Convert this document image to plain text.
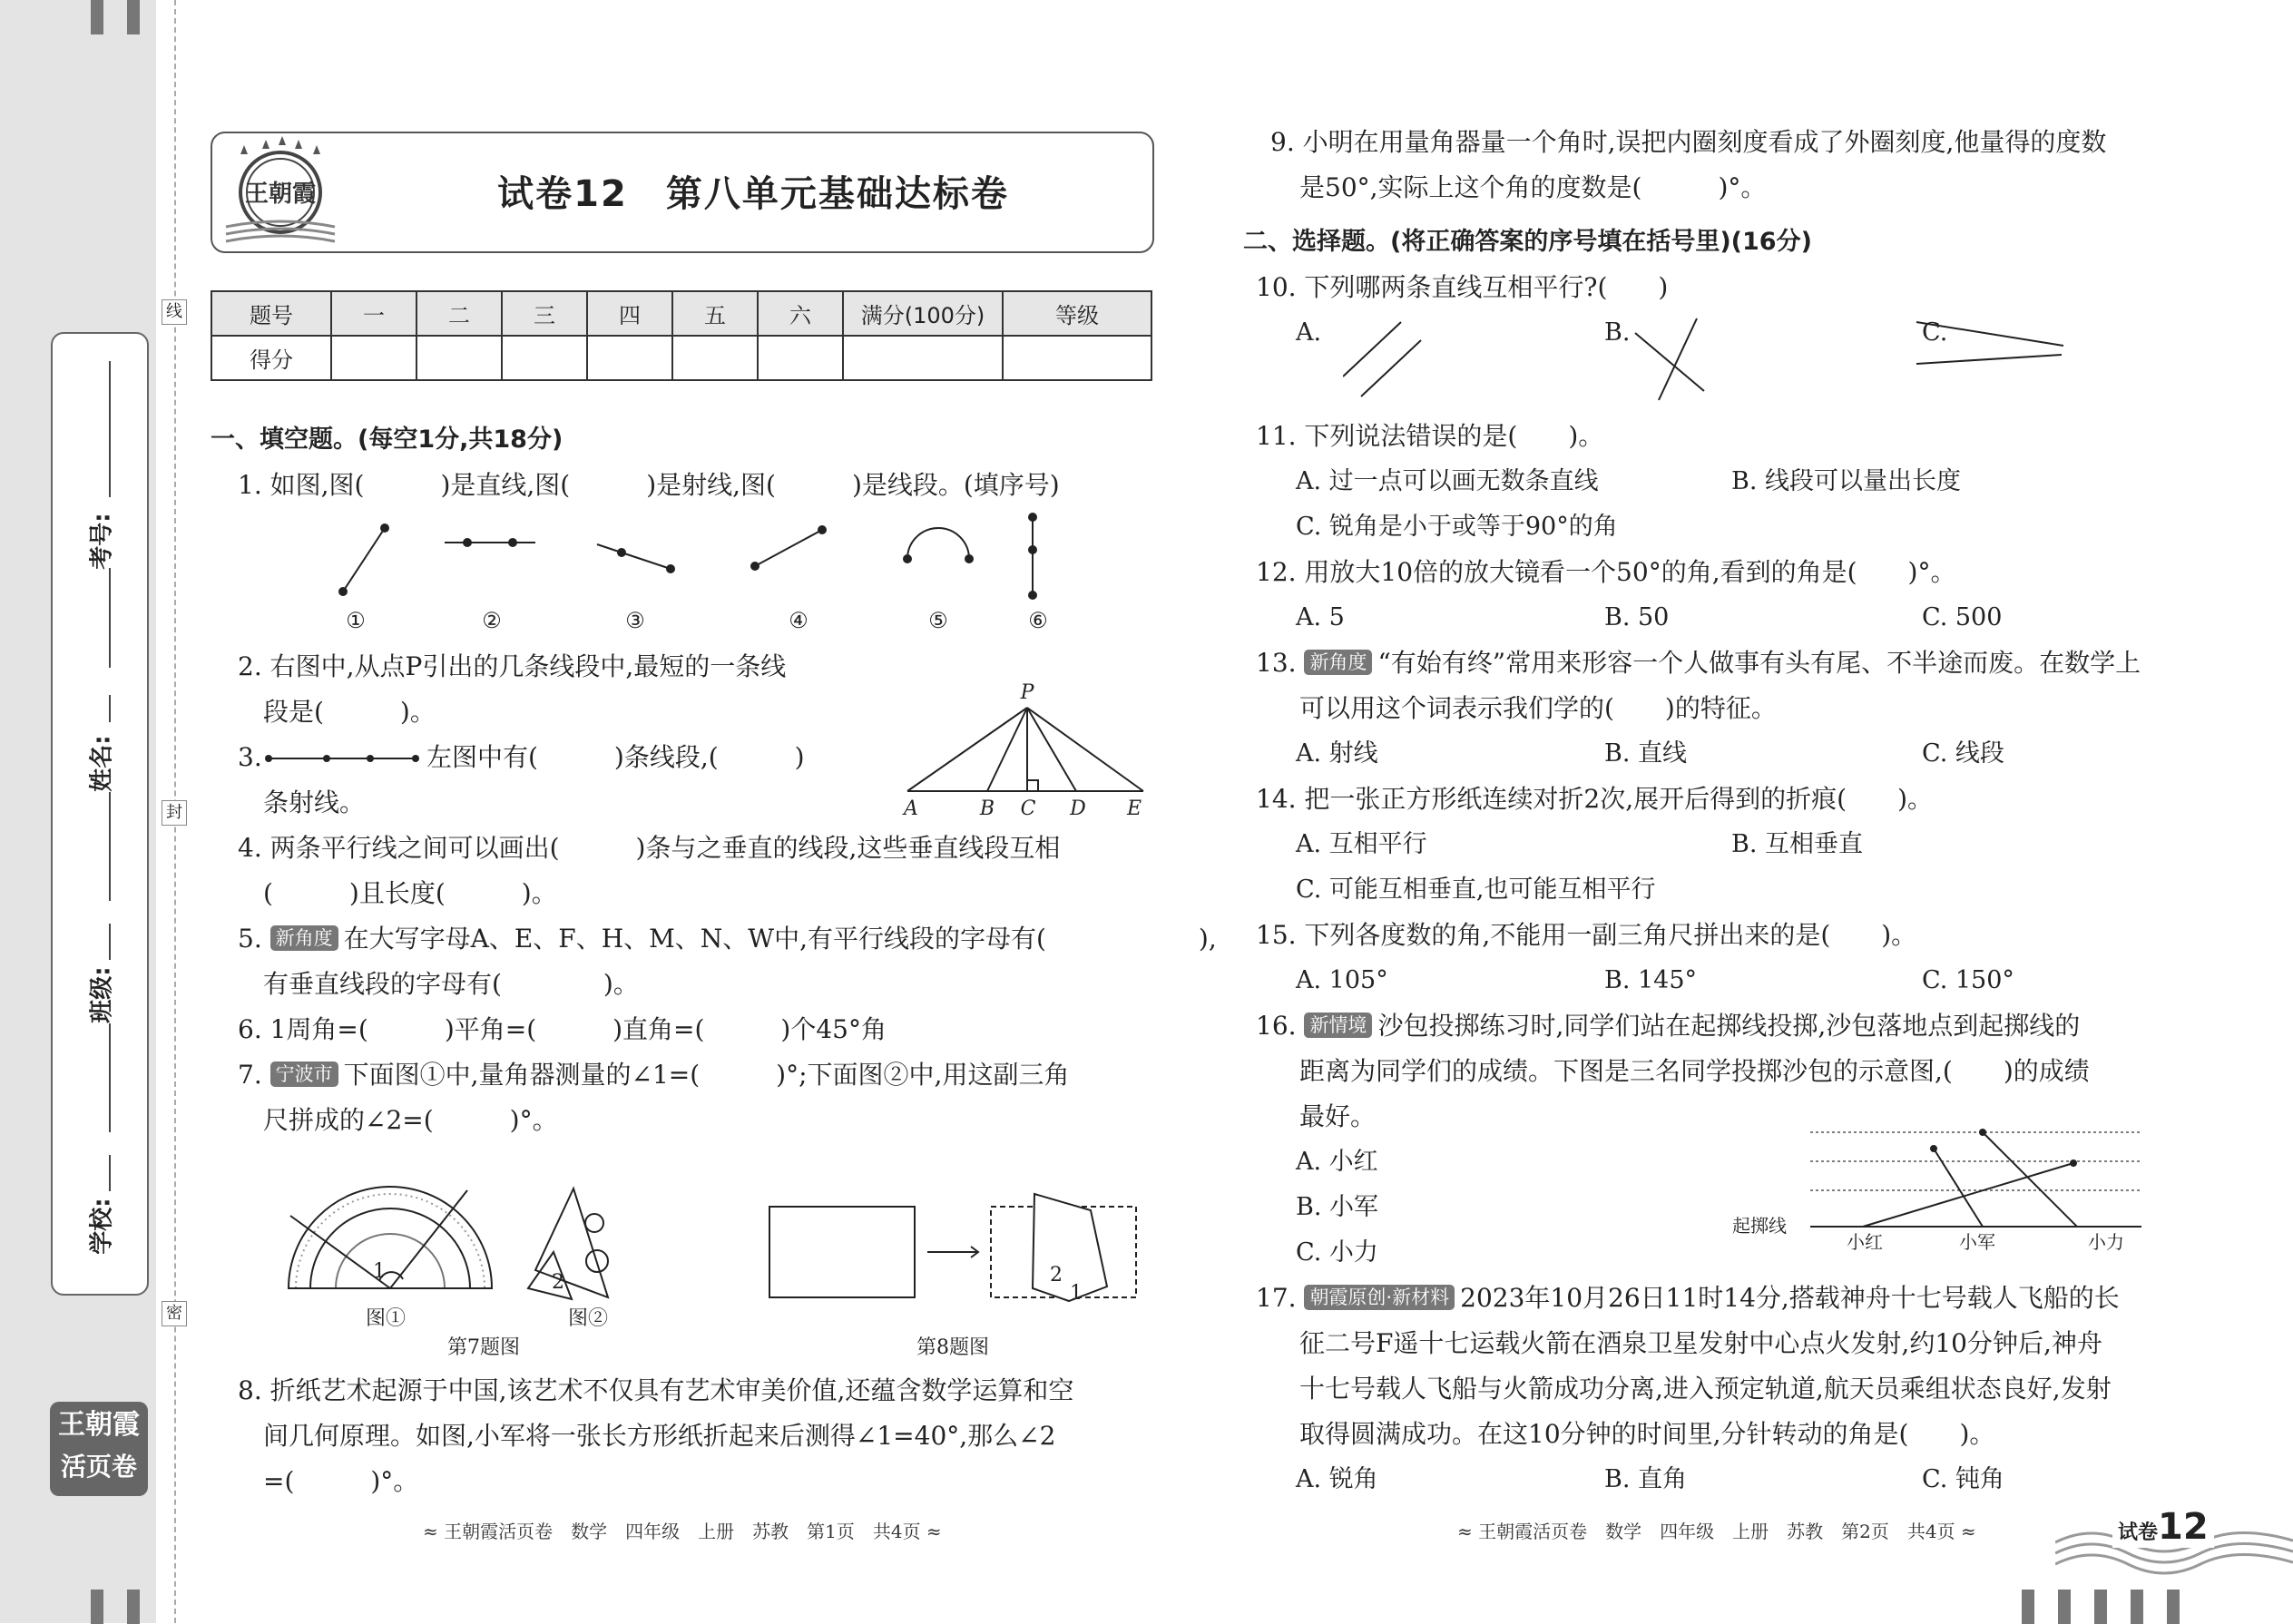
线
封
密
考号:
姓名:
班级:
学校:
王朝霞
活页卷
王朝霞	试卷12　第八单元基础达标卷
题号	一	二	三	四	五	六	满分(100分)	等级
得分								
一、填空题。(每空1分,共18分)
1. 如图,图(　　　)是直线,图(　　　)是射线,图(　　　)是线段。(填序号)
①	②	③	④	⑤	⑥
2. 右图中,从点P引出的几条线段中,最短的一条线
段是(　　　)。
P
A	B C D E
3.	左图中有(　　　)条线段,(　　　)
条射线。
4. 两条平行线之间可以画出(　　　)条与之垂直的线段,这些垂直线段互相
(　　　)且长度(　　　)。
5. 新角度 在大写字母A、E、F、H、M、N、W中,有平行线段的字母有(　　　　　　),
有垂直线段的字母有(　　　　)。
6. 1周角=(　　　)平角=(　　　)直角=(　　　)个45°角
7. 宁波市 下面图①中,量角器测量的∠1=(　　　)°;下面图②中,用这副三角
尺拼成的∠2=(　　　)°。
1	2	2
1
图①	图②
第7题图	第8题图
8. 折纸艺术起源于中国,该艺术不仅具有艺术审美价值,还蕴含数学运算和空
间几何原理。如图,小军将一张长方形纸折起来后测得∠1=40°,那么∠2
=(　　　)°。
≈ 王朝霞活页卷　数学　四年级　上册　苏教　第1页　共4页 ≈
9. 小明在用量角器量一个角时,误把内圈刻度看成了外圈刻度,他量得的度数
是50°,实际上这个角的度数是(　　　)°。
二、选择题。(将正确答案的序号填在括号里)(16分)
10. 下列哪两条直线互相平行?(　　)
A.	B.	C.
11. 下列说法错误的是(　　)。
A. 过一点可以画无数条直线	B. 线段可以量出长度
C. 锐角是小于或等于90°的角
12. 用放大10倍的放大镜看一个50°的角,看到的角是(　　)°。
A. 5	B. 50	C. 500
13. 新角度 “有始有终”常用来形容一个人做事有头有尾、不半途而废。在数学上
可以用这个词表示我们学的(　　)的特征。
A. 射线	B. 直线	C. 线段
14. 把一张正方形纸连续对折2次,展开后得到的折痕(　　)。
A. 互相平行	B. 互相垂直
C. 可能互相垂直,也可能互相平行
15. 下列各度数的角,不能用一副三角尺拼出来的是(　　)。
A. 105°	B. 145°	C. 150°
16. 新情境 沙包投掷练习时,同学们站在起掷线投掷,沙包落地点到起掷线的
距离为同学们的成绩。下图是三名同学投掷沙包的示意图,(　　)的成绩
最好。
A. 小红
B. 小军
C. 小力
起掷线
小红	小军	小力
17. 朝霞原创·新材料 2023年10月26日11时14分,搭载神舟十七号载人飞船的长
征二号F遥十七运载火箭在酒泉卫星发射中心点火发射,约10分钟后,神舟
十七号载人飞船与火箭成功分离,进入预定轨道,航天员乘组状态良好,发射
取得圆满成功。在这10分钟的时间里,分针转动的角是(　　)。
A. 锐角	B. 直角	C. 钝角
≈ 王朝霞活页卷　数学　四年级　上册　苏教　第2页　共4页 ≈	试卷12
